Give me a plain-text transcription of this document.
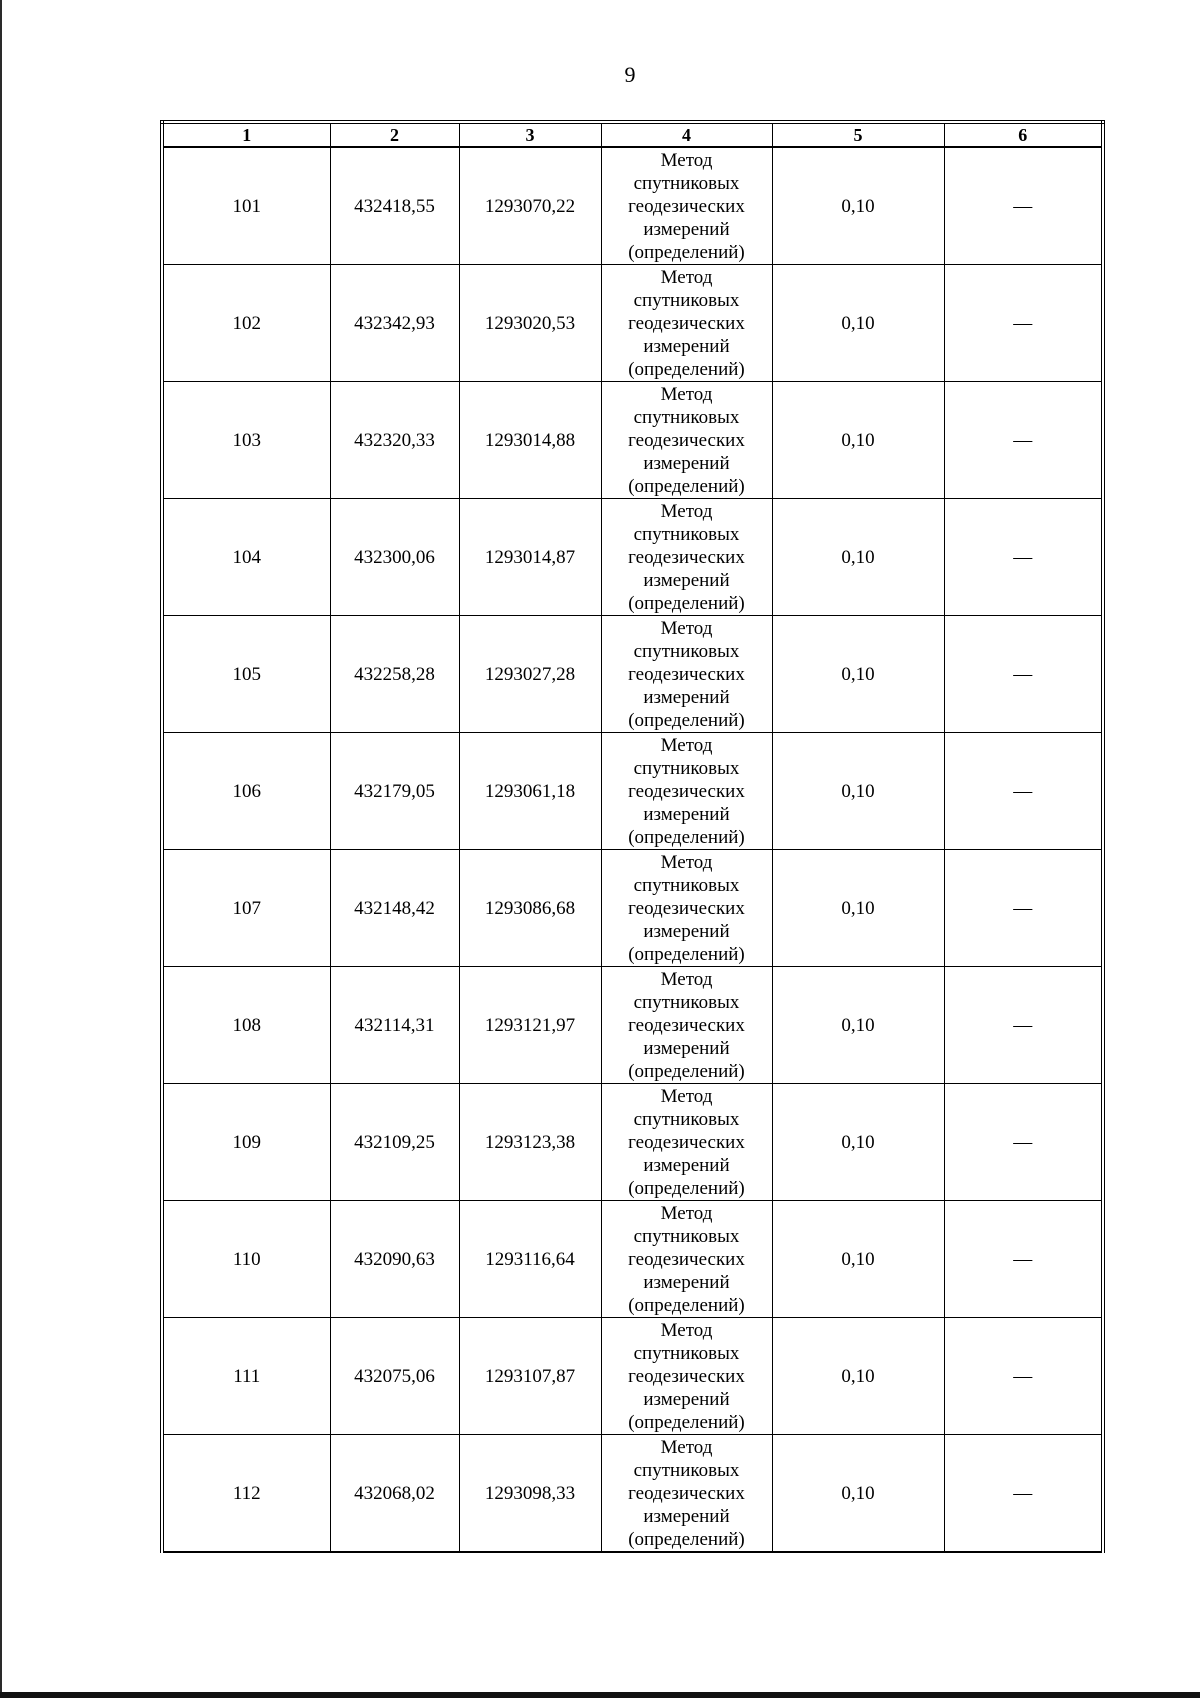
9
1	2	3	4	5	6
101	432418,55	1293070,22	Метод
спутниковых
геодезических
измерений
(определений)	0,10	—
102	432342,93	1293020,53	Метод
спутниковых
геодезических
измерений
(определений)	0,10	—
103	432320,33	1293014,88	Метод
спутниковых
геодезических
измерений
(определений)	0,10	—
104	432300,06	1293014,87	Метод
спутниковых
геодезических
измерений
(определений)	0,10	—
105	432258,28	1293027,28	Метод
спутниковых
геодезических
измерений
(определений)	0,10	—
106	432179,05	1293061,18	Метод
спутниковых
геодезических
измерений
(определений)	0,10	—
107	432148,42	1293086,68	Метод
спутниковых
геодезических
измерений
(определений)	0,10	—
108	432114,31	1293121,97	Метод
спутниковых
геодезических
измерений
(определений)	0,10	—
109	432109,25	1293123,38	Метод
спутниковых
геодезических
измерений
(определений)	0,10	—
110	432090,63	1293116,64	Метод
спутниковых
геодезических
измерений
(определений)	0,10	—
111	432075,06	1293107,87	Метод
спутниковых
геодезических
измерений
(определений)	0,10	—
112	432068,02	1293098,33	Метод
спутниковых
геодезических
измерений
(определений)	0,10	—
